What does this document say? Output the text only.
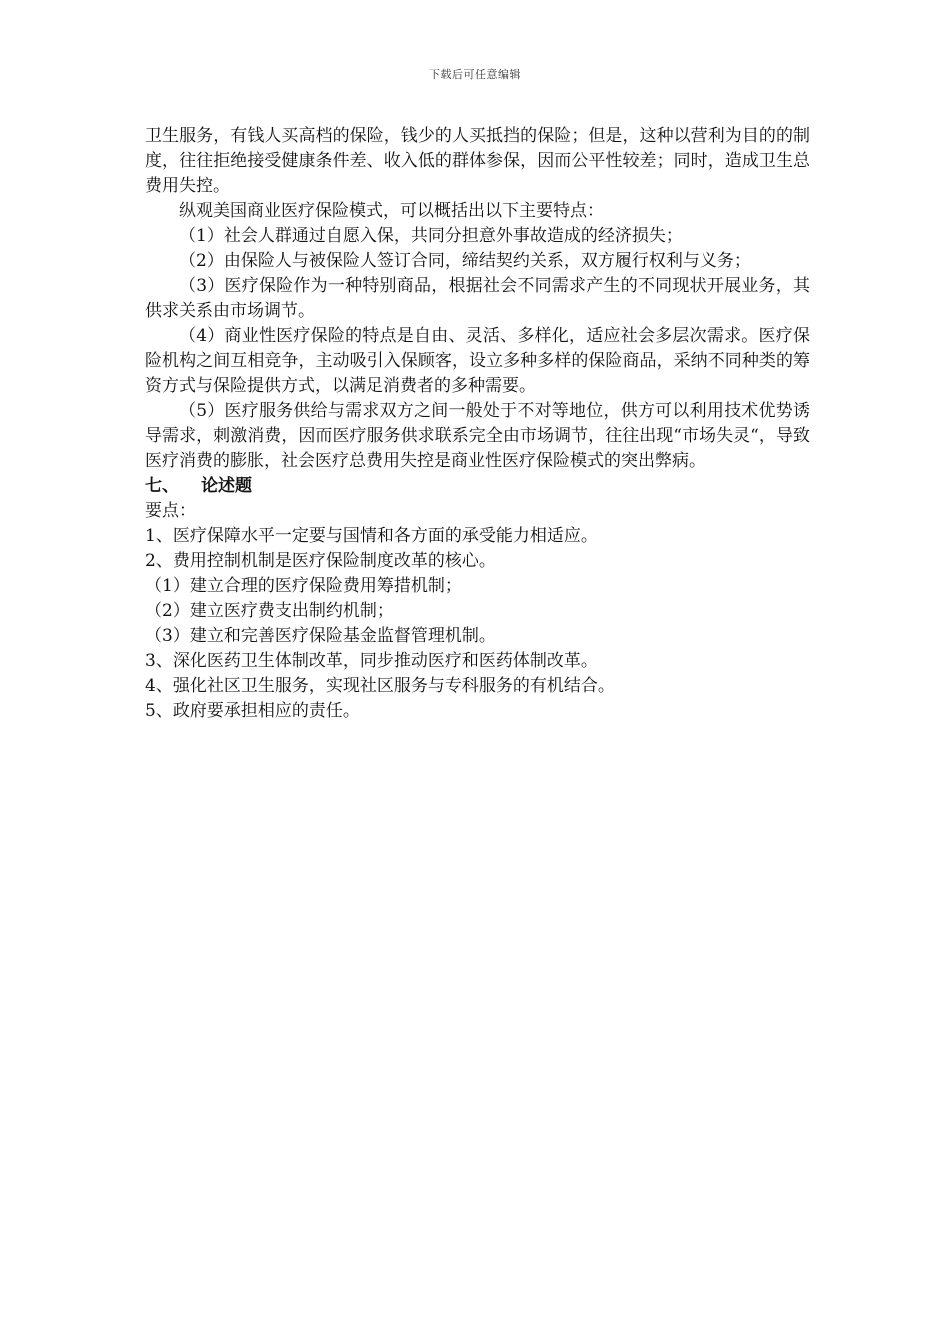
下载后可任意编辑

卫生服务，有钱人买高档的保险，钱少的人买抵挡的保险；但是，这种以营利为目的的制度，往往拒绝接受健康条件差、收入低的群体参保，因而公平性较差；同时，造成卫生总费用失控。

纵观美国商业医疗保险模式，可以概括出以下主要特点：

（1）社会人群通过自愿入保，共同分担意外事故造成的经济损失；

（2）由保险人与被保险人签订合同，缔结契约关系，双方履行权利与义务；

（3）医疗保险作为一种特别商品，根据社会不同需求产生的不同现状开展业务，其供求关系由市场调节。

（4）商业性医疗保险的特点是自由、灵活、多样化，适应社会多层次需求。医疗保险机构之间互相竞争，主动吸引入保顾客，设立多种多样的保险商品，采纳不同种类的筹资方式与保险提供方式，以满足消费者的多种需要。

（5）医疗服务供给与需求双方之间一般处于不对等地位，供方可以利用技术优势诱导需求，刺激消费，因而医疗服务供求联系完全由市场调节，往往出现“市场失灵“，导致医疗消费的膨胀，社会医疗总费用失控是商业性医疗保险模式的突出弊病。

七、 论述题

要点：

1、医疗保障水平一定要与国情和各方面的承受能力相适应。

2、费用控制机制是医疗保险制度改革的核心。

（1）建立合理的医疗保险费用筹措机制；

（2）建立医疗费支出制约机制；

（3）建立和完善医疗保险基金监督管理机制。

3、深化医药卫生体制改革，同步推动医疗和医药体制改革。

4、强化社区卫生服务，实现社区服务与专科服务的有机结合。

5、政府要承担相应的责任。
